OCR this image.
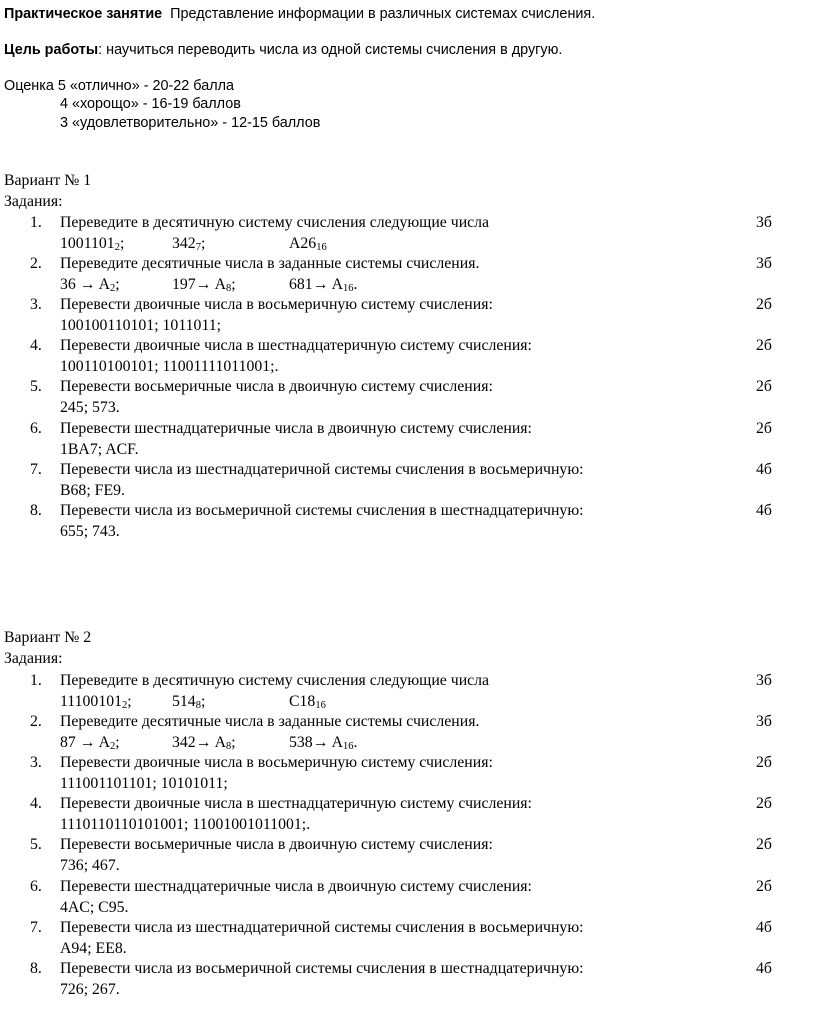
Практическое занятие Представление информации в различных системах счисления.
Цель работы: научиться переводить числа из одной системы счисления в другую.
Оценка 5 «отлично» - 20-22 балла
4 «хорощо» - 16-19 баллов
3 «удовлетворительно» - 12-15 баллов
Вариант № 1
Задания:
1. Переведите в десятичную систему счисления следующие числа	3б
$1001101_2$;	$342_7$;	$A26_{16}$
2. Переведите десятичные числа в заданные системы счисления.	3б
$36 \to A_2$;	$197\to A_8$;	$681\to A_{16}$.
3. Перевести двоичные числа в восьмеричную систему счисления:	2б
100100110101; 1011011;
4. Перевести двоичные числа в шестнадцатеричную систему счисления:	2б
100110100101; 11001111011001;.
5. Перевести восьмеричные числа в двоичную систему счисления:	2б
245; 573.
6. Перевести шестнадцатеричные числа в двоичную систему счисления:	2б
1BA7; ACF.
7. Перевести числа из шестнадцатеричной системы счисления в восьмеричную:	4б
B68; FE9.
8. Перевести числа из восьмеричной системы счисления в шестнадцатеричную:	4б
655; 743.
Вариант № 2
Задания:
1. Переведите в десятичную систему счисления следующие числа	3б
$11100101_2$;	$514_8$;	$C18_{16}$
2. Переведите десятичные числа в заданные системы счисления.	3б
$87 \to A_2$;	$342\to A_8$;	$538\to A_{16}$.
3. Перевести двоичные числа в восьмеричную систему счисления:	2б
111001101101; 10101011;
4. Перевести двоичные числа в шестнадцатеричную систему счисления:	2б
1110110110101001; 11001001011001;.
5. Перевести восьмеричные числа в двоичную систему счисления:	2б
736; 467.
6. Перевести шестнадцатеричные числа в двоичную систему счисления:	2б
4AC; C95.
7. Перевести числа из шестнадцатеричной системы счисления в восьмеричную:	4б
A94; EE8.
8. Перевести числа из восьмеричной системы счисления в шестнадцатеричную:	4б
726; 267.
